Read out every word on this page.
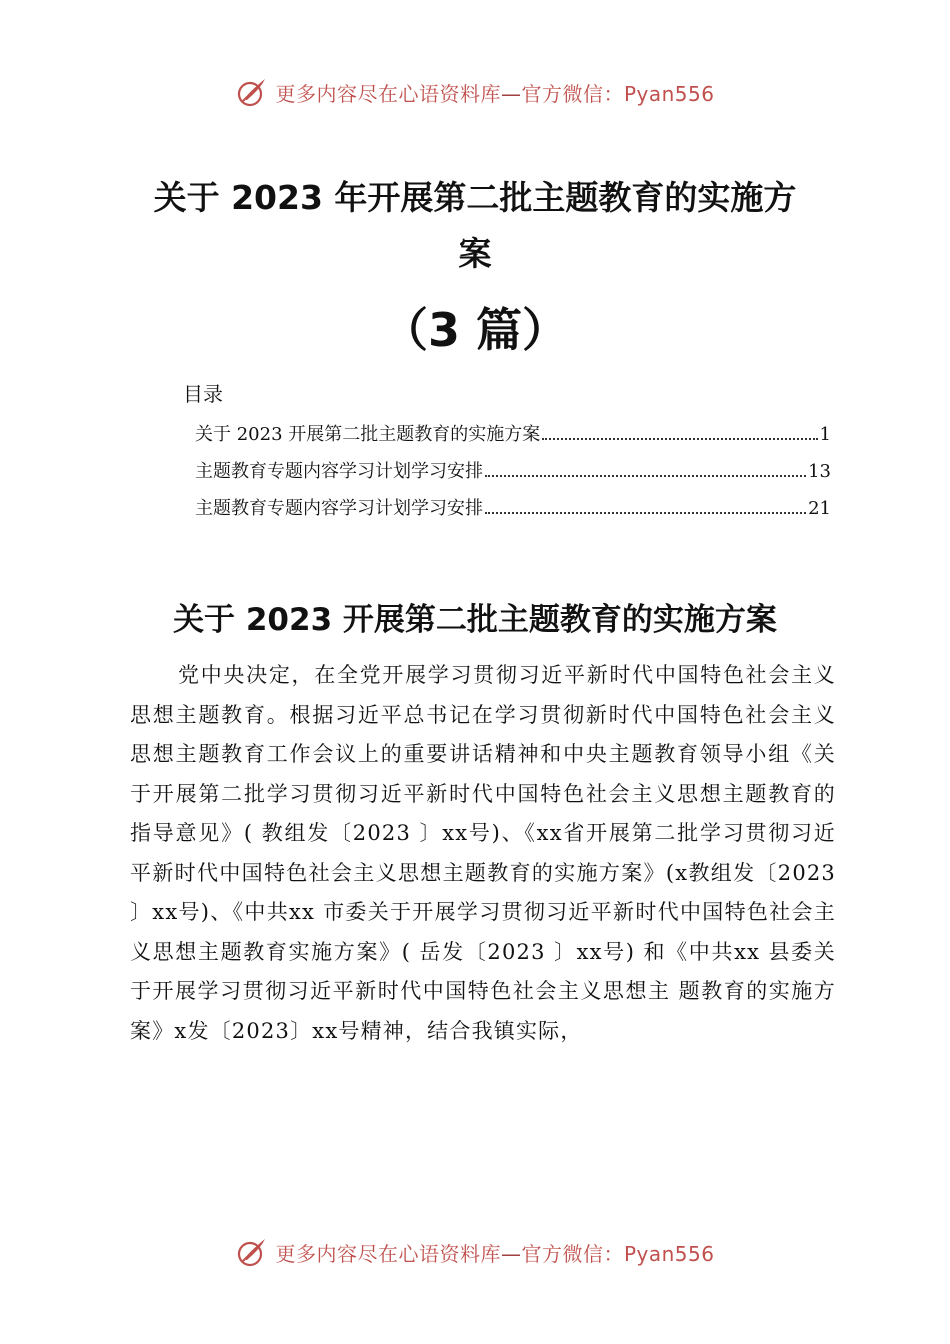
更多内容尽在心语资料库—官方微信：Pyan556
关于 2023 年开展第二批主题教育的实施方
案
（3 篇）
目录
关于 2023 开展第二批主题教育的实施方案	1
主题教育专题内容学习计划学习安排	13
主题教育专题内容学习计划学习安排	21
关于 2023 开展第二批主题教育的实施方案
党中央决定，在全党开展学习贯彻习近平新时代中国特色社会主义思想主题教育。根据习近平总书记在学习贯彻新时代中国特色社会主义思想主题教育工作会议上的重要讲话精神和中央主题教育领导小组《关于开展第二批学习贯彻习近平新时代中国特色社会主义思想主题教育的指导意见》( 教组发〔2023 〕xx号)、《xx省开展第二批学习贯彻习近平新时代中国特色社会主义思想主题教育的实施方案》(x教组发〔2023 〕xx号)、《中共xx 市委关于开展学习贯彻习近平新时代中国特色社会主义思想主题教育实施方案》( 岳发〔2023 〕xx号) 和《中共xx 县委关于开展学习贯彻习近平新时代中国特色社会主义思想主 题教育的实施方案》x发〔2023〕xx号精神，结合我镇实际，
更多内容尽在心语资料库—官方微信：Pyan556
